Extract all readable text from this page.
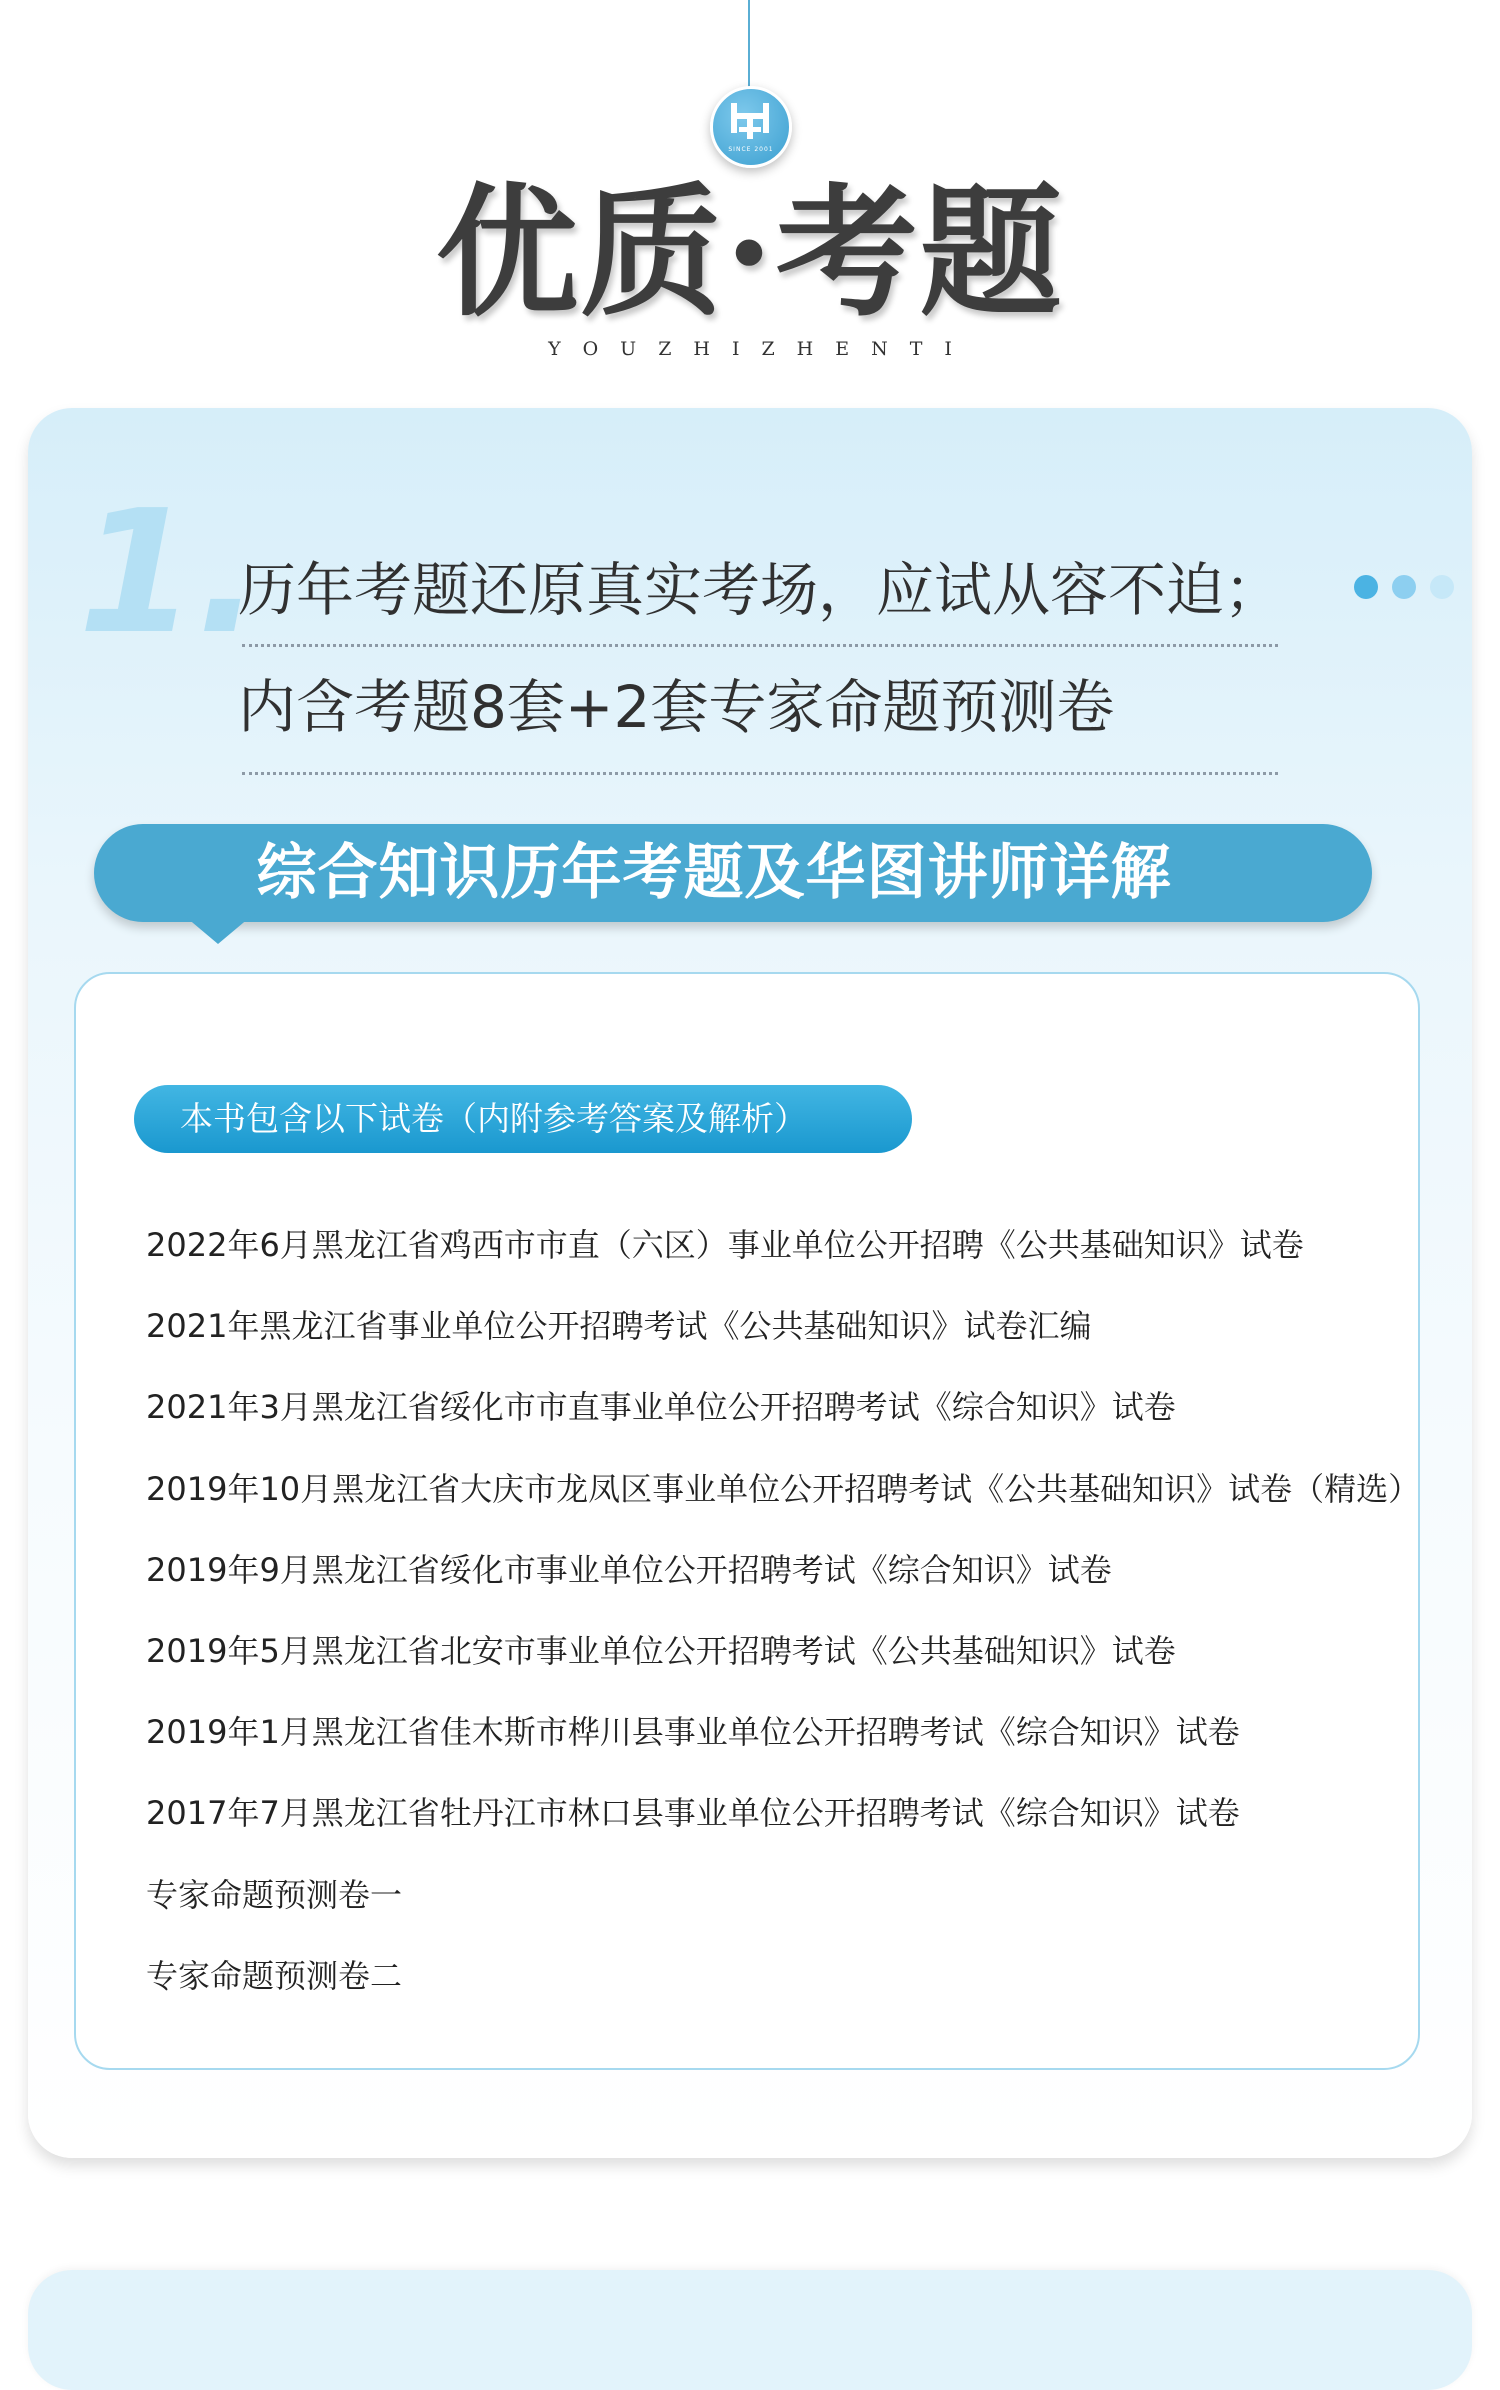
SINCE 2001
优质·考题
YOUZHIZHENTI
1.
历年考题还原真实考场，应试从容不迫；
内含考题8套+2套专家命题预测卷
综合知识历年考题及华图讲师详解
本书包含以下试卷（内附参考答案及解析）
2022年6月黑龙江省鸡西市市直（六区）事业单位公开招聘《公共基础知识》试卷
2021年黑龙江省事业单位公开招聘考试《公共基础知识》试卷汇编
2021年3月黑龙江省绥化市市直事业单位公开招聘考试《综合知识》试卷
2019年10月黑龙江省大庆市龙凤区事业单位公开招聘考试《公共基础知识》试卷（精选）
2019年9月黑龙江省绥化市事业单位公开招聘考试《综合知识》试卷
2019年5月黑龙江省北安市事业单位公开招聘考试《公共基础知识》试卷
2019年1月黑龙江省佳木斯市桦川县事业单位公开招聘考试《综合知识》试卷
2017年7月黑龙江省牡丹江市林口县事业单位公开招聘考试《综合知识》试卷
专家命题预测卷一
专家命题预测卷二
